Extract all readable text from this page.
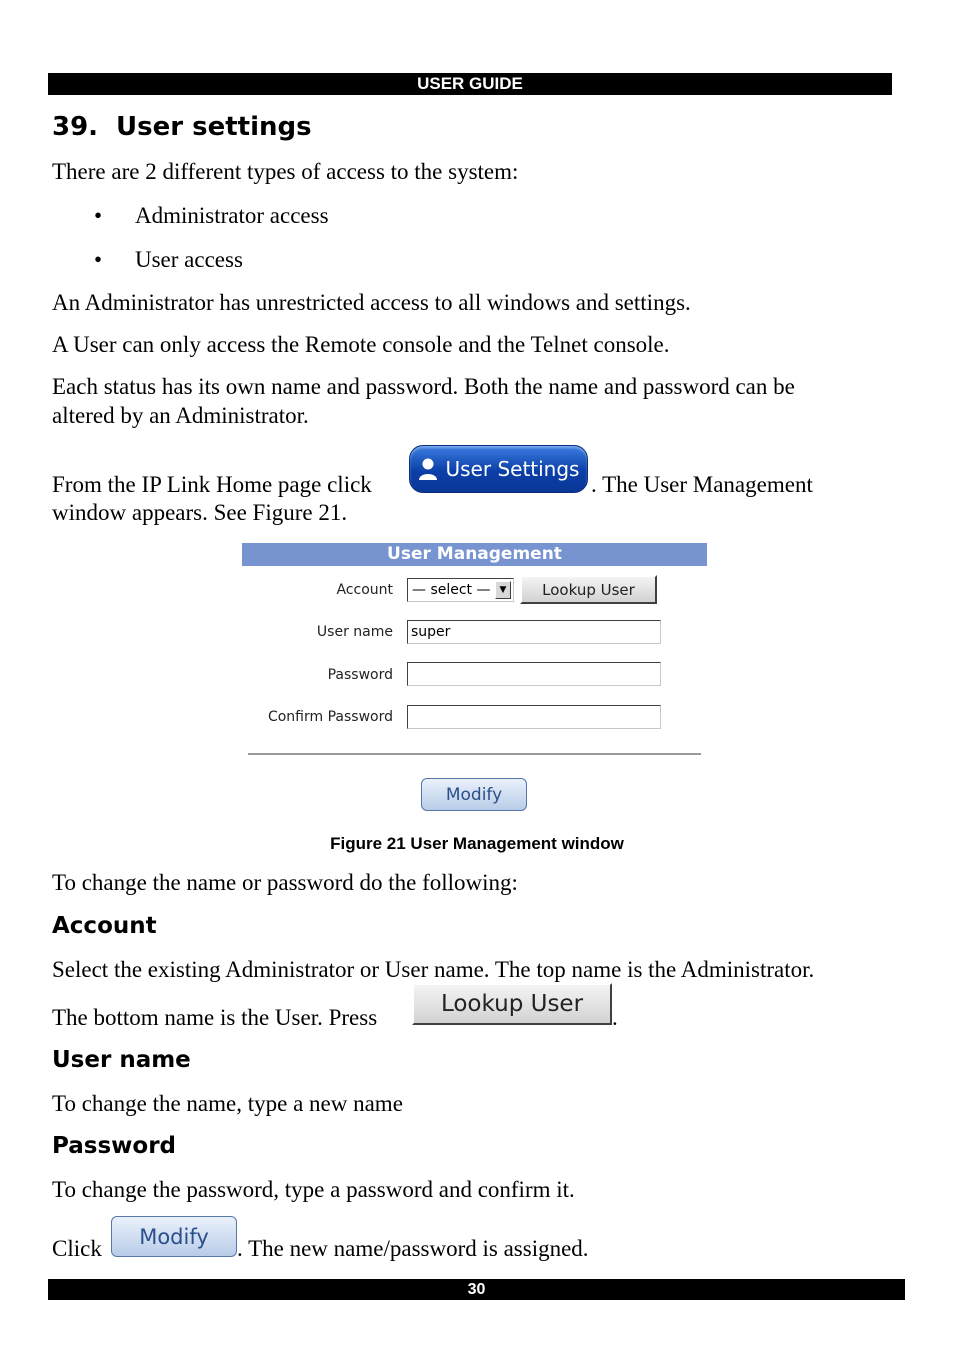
USER GUIDE
39. User settings
There are 2 different types of access to the system:
• Administrator access
• User access
An Administrator has unrestricted access to all windows and settings.
A User can only access the Remote console and the Telnet console.
Each status has its own name and password. Both the name and password can be
altered by an Administrator.
From the IP Link Home page click
User Settings
. The User Management
window appears. See Figure 21.
User Management
Account — select —	▼	Lookup User
User name super
Password
Confirm Password
Modify
Figure 21 User Management window
To change the name or password do the following:
Account
Select the existing Administrator or User name. The top name is the Administrator.
The bottom name is the User. Press
Lookup User
.
User name
To change the name, type a new name
Password
To change the password, type a password and confirm it.
Click	Modify	. The new name/password is assigned.
30
